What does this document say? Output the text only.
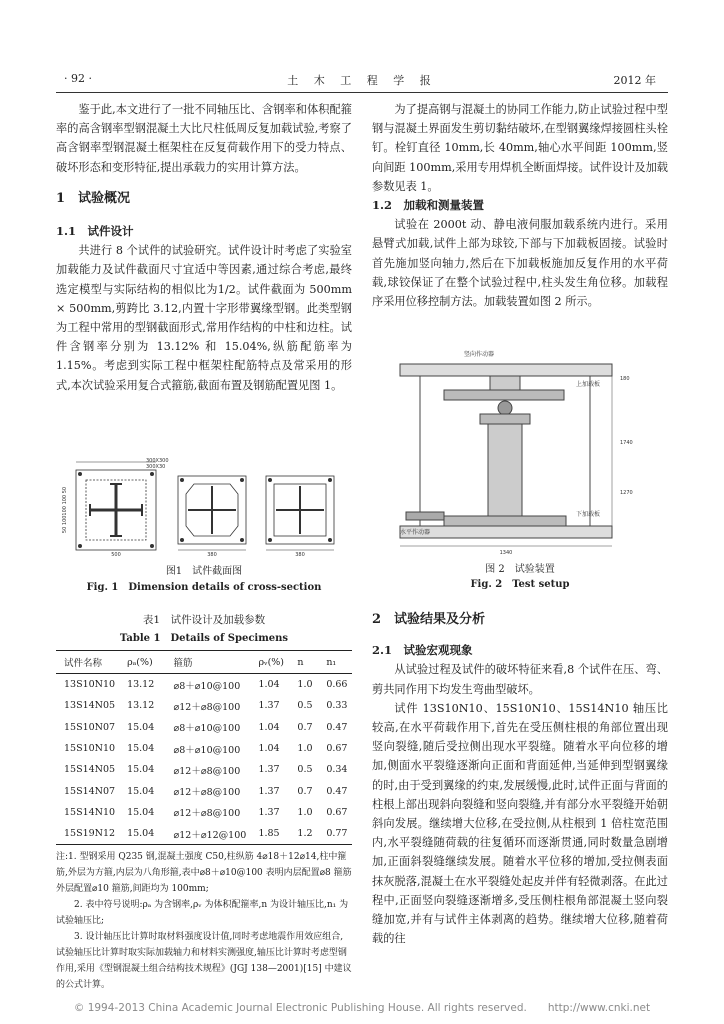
· 92 ·	土 木 工 程 学 报	2012 年

鉴于此,本文进行了一批不同轴压比、含钢率和体积配箍率的高含钢率型钢混凝土大比尺柱低周反复加载试验,考察了高含钢率型钢混凝土框架柱在反复荷载作用下的受力特点、破坏形态和变形特征,提出承载力的实用计算方法。

1　试验概况
1.1　试件设计

共进行 8 个试件的试验研究。试件设计时考虑了实验室加载能力及试件截面尺寸宜适中等因素,通过综合考虑,最终选定模型与实际结构的相似比为1/2。试件截面为 500mm × 500mm,剪跨比 3.12,内置十字形带翼缘型钢。此类型钢为工程中常用的型钢截面形式,常用作结构的中柱和边柱。试件含钢率分别为 13.12% 和 15.04%,纵筋配筋率为 1.15%。考虑到实际工程中框架柱配筋特点及常采用的形式,本次试验采用复合式箍筋,截面布置及钢筋配置见图 1。

300X300
300X30
500
50 100100 100 50
380	380
图1　试件截面图
Fig. 1　Dimension details of cross-section
表1　试件设计及加载参数
Table 1　Details of Specimens
试件名称	ρₐ(%)	箍筋	ρᵥ(%)	n	n₁
13S10N10	13.12	⌀8＋⌀10@100	1.04	1.0	0.66
13S14N05	13.12	⌀12＋⌀8@100	1.37	0.5	0.33
15S10N07	15.04	⌀8＋⌀10@100	1.04	0.7	0.47
15S10N10	15.04	⌀8＋⌀10@100	1.04	1.0	0.67
15S14N05	15.04	⌀12＋⌀8@100	1.37	0.5	0.34
15S14N07	15.04	⌀12＋⌀8@100	1.37	0.7	0.47
15S14N10	15.04	⌀12＋⌀8@100	1.37	1.0	0.67
15S19N12	15.04	⌀12＋⌀12@100	1.85	1.2	0.77

注:1. 型钢采用 Q235 钢,混凝土强度 C50,柱纵筋 4⌀18＋12⌀14,柱中箍筋,外层为方箍,内层为八角形箍,表中⌀8＋⌀10@100 表明内层配置⌀8 箍筋外层配置⌀10 箍筋,间距均为 100mm;

2. 表中符号说明:ρₐ 为含钢率,ρᵥ 为体积配箍率,n 为设计轴压比,n₁ 为试验轴压比;

3. 设计轴压比计算时取材料强度设计值,同时考虑地震作用效应组合,试验轴压比计算时取实际加载轴力和材料实测强度,轴压比计算时考虑型钢作用,采用《型钢混凝土组合结构技术规程》(JGJ 138—2001)[15] 中建议的公式计算。

为了提高钢与混凝土的协同工作能力,防止试验过程中型钢与混凝土界面发生剪切黏结破坏,在型钢翼缘焊接圆柱头栓钉。栓钉直径 10mm,长 40mm,轴心水平间距 100mm,竖向间距 100mm,采用专用焊机全断面焊接。试件设计及加载参数见表 1。

1.2　加载和测量装置

试验在 2000t 动、静电液伺服加载系统内进行。采用悬臂式加载,试件上部为球铰,下部与下加载板固接。试验时首先施加竖向轴力,然后在下加载板施加反复作用的水平荷载,球铰保证了在整个试验过程中,柱头发生角位移。加载程序采用位移控制方法。加载装置如图 2 所示。

竖向作动器
上加载板
下加载板
水平作动器
180
1740
1270
1340
图 2　试验装置
Fig. 2　Test setup
2　试验结果及分析
2.1　试验宏观现象

从试验过程及试件的破坏特征来看,8 个试件在压、弯、剪共同作用下均发生弯曲型破坏。

试件 13S10N10、15S10N10、15S14N10 轴压比较高,在水平荷载作用下,首先在受压侧柱根的角部位置出现竖向裂缝,随后受拉侧出现水平裂缝。随着水平向位移的增加,侧面水平裂缝逐渐向正面和背面延伸,当延伸到型钢翼缘的时,由于受到翼缘的约束,发展缓慢,此时,试件正面与背面的柱根上部出现斜向裂缝和竖向裂缝,并有部分水平裂缝开始朝斜向发展。继续增大位移,在受拉侧,从柱根到 1 倍柱宽范围内,水平裂缝随荷载的往复循环而逐渐贯通,同时数量急剧增加,正面斜裂缝继续发展。随着水平位移的增加,受拉侧表面抹灰脱落,混凝土在水平裂缝处起皮并伴有轻微剥落。在此过程中,正面竖向裂缝逐渐增多,受压侧柱根角部混凝土竖向裂缝加宽,并有与试件主体剥离的趋势。继续增大位移,随着荷载的往

© 1994-2013 China Academic Journal Electronic Publishing House. All rights reserved.　　http://www.cnki.net
